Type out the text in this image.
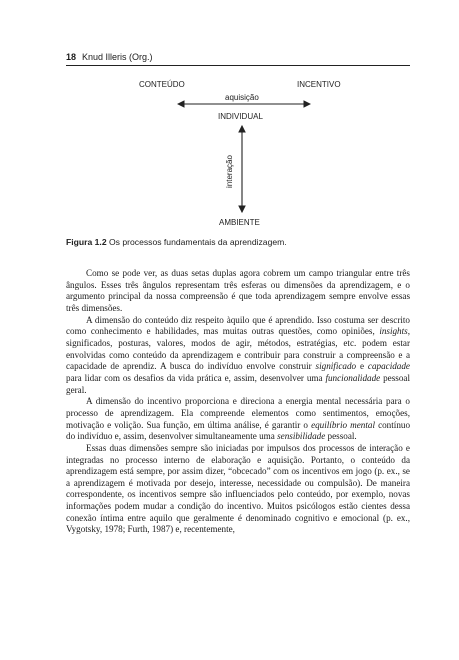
18 Knud Illeris (Org.)
CONTEÚDO	INCENTIVO
aquisição
INDIVIDUAL
interação
AMBIENTE
Figura 1.2 Os processos fundamentais da aprendizagem.

Como se pode ver, as duas setas duplas agora cobrem um campo triangular entre três ângulos. Esses três ângulos representam três esferas ou dimensões da aprendizagem, e o argumento principal da nossa compreensão é que toda aprendizagem sempre envolve essas três dimensões.

A dimensão do conteúdo diz respeito àquilo que é aprendido. Isso costuma ser descrito como conhecimento e habilidades, mas muitas outras questões, como opiniões, insights, significados, posturas, valores, modos de agir, métodos, estratégias, etc. podem estar envolvidas como conteúdo da aprendizagem e contribuir para construir a compreensão e a capacidade de aprendiz. A busca do indivíduo envolve construir significado e capacidade para lidar com os desafios da vida prática e, assim, desenvolver uma funcionalidade pessoal geral.

A dimensão do incentivo proporciona e direciona a energia mental necessária para o processo de aprendizagem. Ela compreende elementos como sentimentos, emoções, motivação e volição. Sua função, em última análise, é garantir o equilíbrio mental contínuo do indivíduo e, assim, desenvolver simultaneamente uma sensibilidade pessoal.

Essas duas dimensões sempre são iniciadas por impulsos dos processos de interação e integradas no processo interno de elaboração e aquisição. Portanto, o conteúdo da aprendizagem está sempre, por assim dizer, “obcecado” com os incentivos em jogo (p. ex., se a aprendizagem é motivada por desejo, interesse, necessidade ou compulsão). De maneira correspondente, os incentivos sempre são influenciados pelo conteúdo, por exemplo, novas informações podem mudar a condição do incentivo. Muitos psicólogos estão cientes dessa conexão íntima entre aquilo que geralmente é denominado cognitivo e emocional (p. ex., Vygotsky, 1978; Furth, 1987) e, recentemente,
